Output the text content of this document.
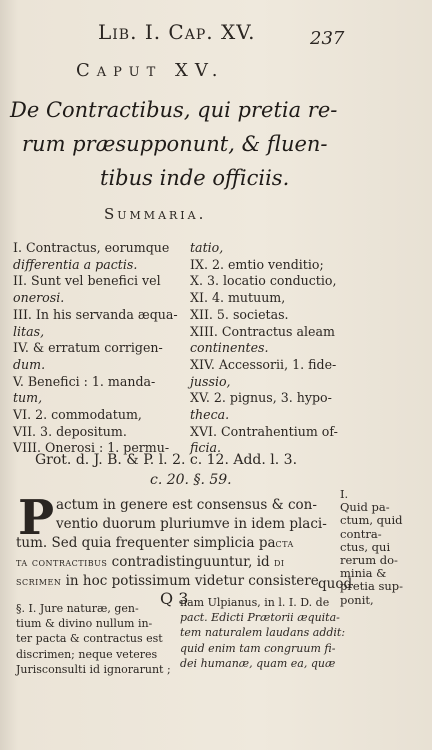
Lib. I. Cap. XV.	237
Caput XV.
De Contractibus, qui pretia re-
rum præsupponunt, & fluen-
tibus inde officiis.
Summaria.
I. Contractus, eorumque
differentia a pactis.
II. Sunt vel benefici vel
onerosi.
III. In his servanda æqua-
litas,
IV. & erratum corrigen-
dum.
V. Benefici : 1. manda-
tum,
VI. 2. commodatum,
VII. 3. depositum.
VIII. Onerosi : 1. permu-
tatio,
IX. 2. emtio venditio;
X. 3. locatio conductio,
XI. 4. mutuum,
XII. 5. societas.
XIII. Contractus aleam
continentes.
XIV. Accessorii, 1. fide-
jussio,
XV. 2. pignus, 3. hypo-
theca.
XVI. Contrahentium of-
ficia.
Grot. d. J. B. & P. l. 2. c. 12. Add. l. 3.
c. 20. §. 59.
P actum in genere est consensus & con-
ventio duorum pluriumve in idem placi-
tum. Sed quia frequenter simplicia pacta
ta contractibus contradistinguuntur, id di
scrimen in hoc potissimum videtur consistere
I.
Quid pa-
ctum, quid
contra-
ctus, qui
rerum do-
minia &
pretia sup-
ponit,
quod
Q 3
§. I. Jure naturæ, gen-
tium & divino nullum in-
ter pacta & contractus est
discrimen; neque veteres
Jurisconsulti id ignorarunt ;
nam Ulpianus, in l. I. D. de
pact. Edicti Prætorii æquita-
tem naturalem laudans addit:
quid enim tam congruum fi-
dei humanæ, quam ea, quæ
